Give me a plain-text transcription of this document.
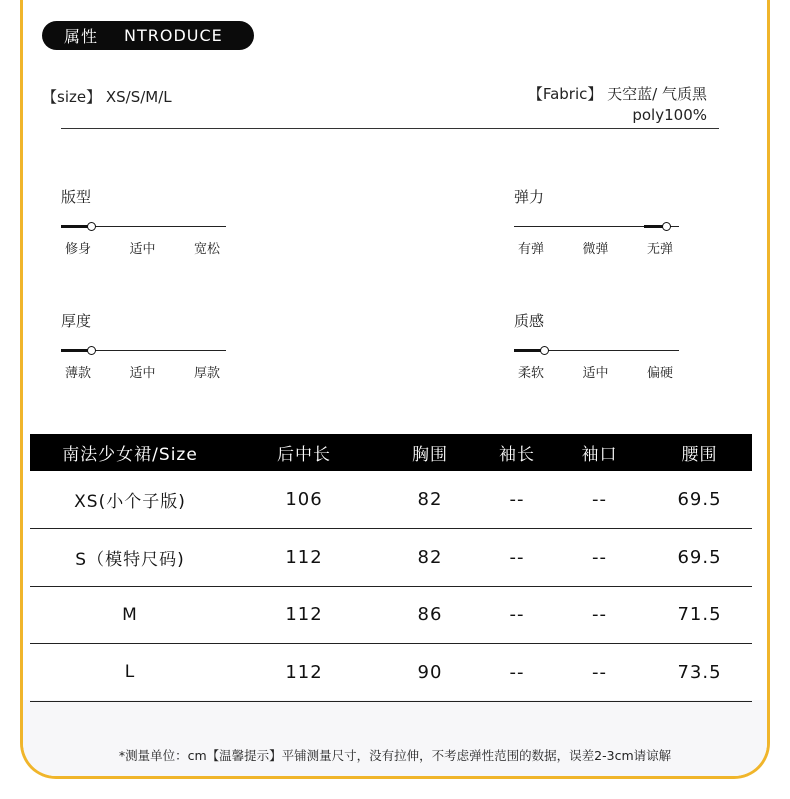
属性 NTRODUCE
【size】 XS/S/M/L	【Fabric】 天空蓝/ 气质黑
poly100%
版型
修身	适中	宽松
弹力
有弹	微弹	无弹
厚度
薄款	适中	厚款
质感
柔软	适中	偏硬
南法少女裙/Size	后中长	胸围	袖长	袖口	腰围
XS(小个子版)	106	82	--	--	69.5
S（模特尺码)	112	82	--	--	69.5
M	112	86	--	--	71.5
L	112	90	--	--	73.5
*测量单位：cm【温馨提示】平铺测量尺寸，没有拉伸，不考虑弹性范围的数据，误差2-3cm请谅解
